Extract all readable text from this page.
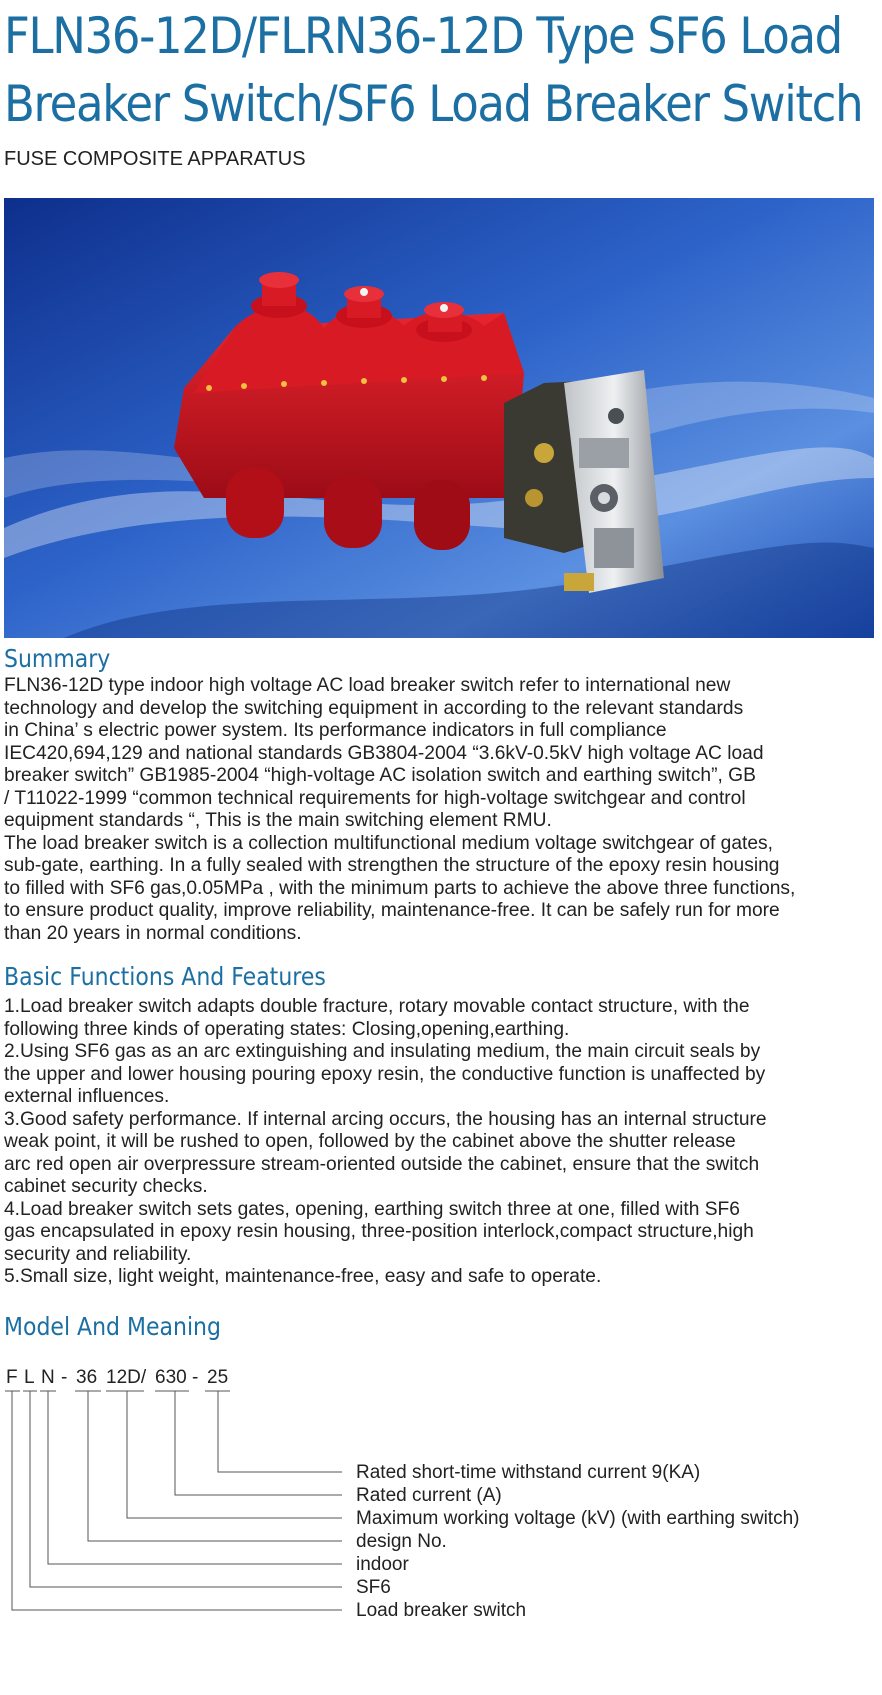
FLN36-12D/FLRN36-12D Type SF6 Load
Breaker Switch/SF6 Load Breaker Switch
FUSE COMPOSITE APPARATUS
Summary

FLN36-12D type indoor high voltage AC load breaker switch refer to international new

technology and develop the switching equipment in according to the relevant standards

in China’ s electric power system. Its performance indicators in full compliance

IEC420,694,129 and national standards GB3804-2004 “3.6kV-0.5kV high voltage AC load

breaker switch” GB1985-2004 “high-voltage AC isolation switch and earthing switch”, GB

/ T11022-1999 “common technical requirements for high-voltage switchgear and control

equipment standards “, This is the main switching element RMU.

The load breaker switch is a collection multifunctional medium voltage switchgear of gates,

sub-gate, earthing. In a fully sealed with strengthen the structure of the epoxy resin housing

to filled with SF6 gas,0.05MPa , with the minimum parts to achieve the above three functions,

to ensure product quality, improve reliability, maintenance-free. It can be safely run for more

than 20 years in normal conditions.

Basic Functions And Features

1.Load breaker switch adapts double fracture, rotary movable contact structure, with the

following three kinds of operating states: Closing,opening,earthing.

2.Using SF6 gas as an arc extinguishing and insulating medium, the main circuit seals by

the upper and lower housing pouring epoxy resin, the conductive function is unaffected by

external influences.

3.Good safety performance. If internal arcing occurs, the housing has an internal structure

weak point, it will be rushed to open, followed by the cabinet above the shutter release

arc red open air overpressure stream-oriented outside the cabinet, ensure that the switch

cabinet security checks.

4.Load breaker switch sets gates, opening, earthing switch three at one, filled with SF6

gas encapsulated in epoxy resin housing, three-position interlock,compact structure,high

security and reliability.

5.Small size, light weight, maintenance-free, easy and safe to operate.

Model And Meaning
F L N - 36 12D/ 630 - 25
Rated short-time withstand current 9(KA)
Rated current (A)
Maximum working voltage (kV) (with earthing switch)
design No.
indoor
SF6
Load breaker switch
